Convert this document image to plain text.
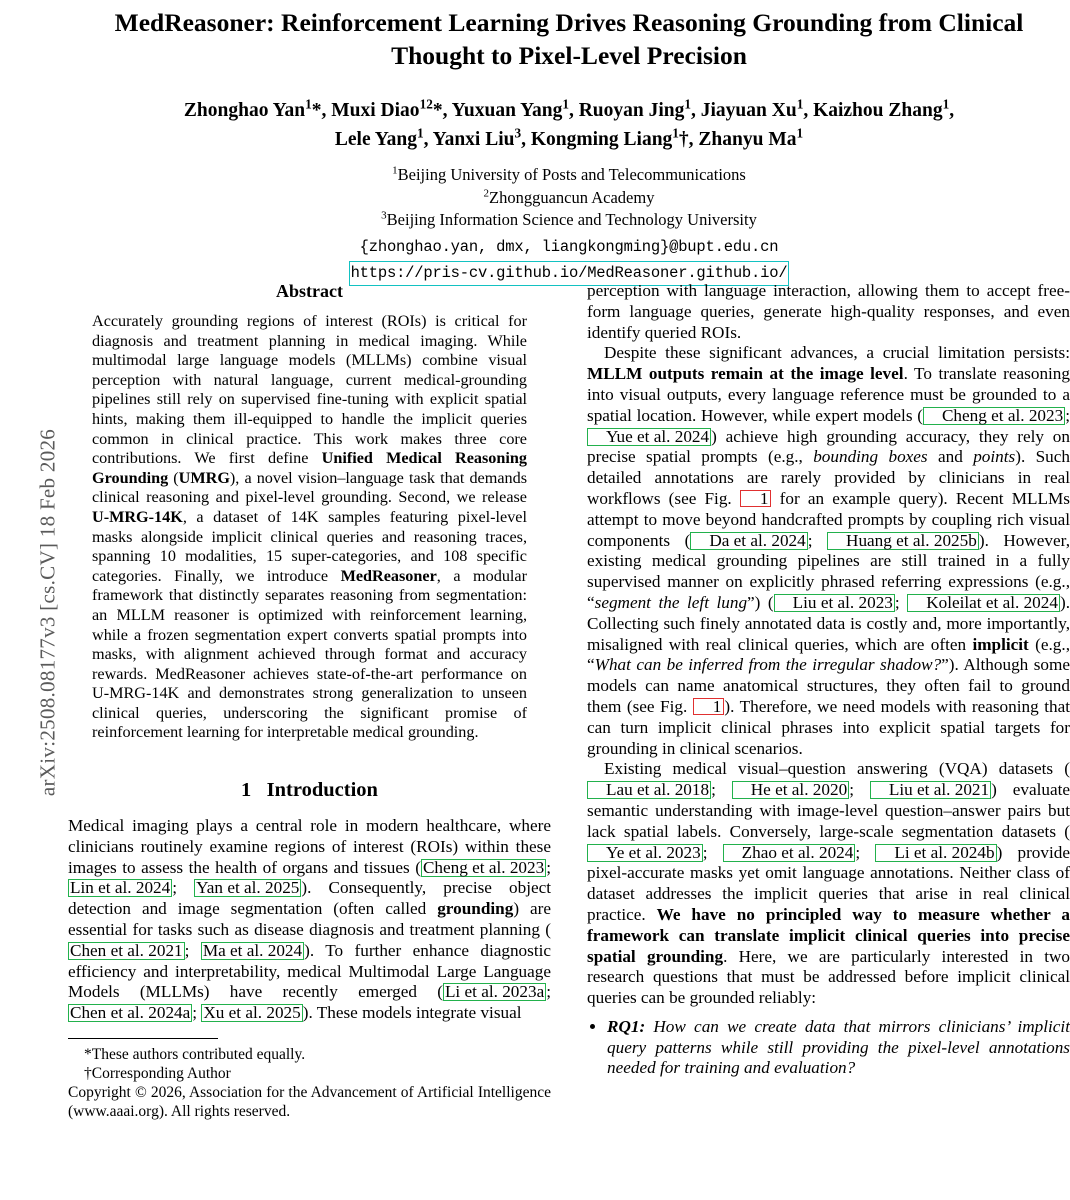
arXiv:2508.08177v3 [cs.CV] 18 Feb 2026
MedReasoner: Reinforcement Learning Drives Reasoning Grounding from Clinical Thought to Pixel-Level Precision
Zhonghao Yan$^1$*, Muxi Diao$^{12}$*, Yuxuan Yang$^1$, Ruoyan Jing$^1$, Jiayuan Xu$^1$, Kaizhou Zhang$^1$,
Lele Yang$^1$, Yanxi Liu$^3$, Kongming Liang$^1$†, Zhanyu Ma$^1$
$^1$Beijing University of Posts and Telecommunications
$^2$Zhongguancun Academy
$^3$Beijing Information Science and Technology University
{zhonghao.yan, dmx, liangkongming}@bupt.edu.cn
https://pris-cv.github.io/MedReasoner.github.io/
Abstract

Accurately grounding regions of interest (ROIs) is critical for diagnosis and treatment planning in medical imaging. While multimodal large language models (MLLMs) combine visual perception with natural language, current medical-grounding pipelines still rely on supervised fine-tuning with explicit spatial hints, making them ill-equipped to handle the implicit queries common in clinical practice. This work makes three core contributions. We first define Unified Medical Reasoning Grounding (UMRG), a novel vision–language task that demands clinical reasoning and pixel-level grounding. Second, we release U-MRG-14K, a dataset of 14K samples featuring pixel-level masks alongside implicit clinical queries and reasoning traces, spanning 10 modalities, 15 super-categories, and 108 specific categories. Finally, we introduce MedReasoner, a modular framework that distinctly separates reasoning from segmentation: an MLLM reasoner is optimized with reinforcement learning, while a frozen segmentation expert converts spatial prompts into masks, with alignment achieved through format and accuracy rewards. MedReasoner achieves state-of-the-art performance on U-MRG-14K and demonstrates strong generalization to unseen clinical queries, underscoring the significant promise of reinforcement learning for interpretable medical grounding.

1 Introduction

Medical imaging plays a central role in modern healthcare, where clinicians routinely examine regions of interest (ROIs) within these images to assess the health of organs and tissues ( Cheng et al. 2023 ; Lin et al. 2024 ; Yan et al. 2025 ). Consequently, precise object detection and image segmentation (often called grounding) are essential for tasks such as disease diagnosis and treatment planning (Chen et al. 2021 ; Ma et al. 2024 ). To further enhance diagnostic efficiency and interpretability, medical Multimodal Large Language Models (MLLMs) have recently emerged ( Li et al. 2023a ; Chen et al. 2024a ; Xu et al. 2025 ). These models integrate visual

*These authors contributed equally.
†Corresponding Author
Copyright © 2026, Association for the Advancement of Artificial Intelligence (www.aaai.org). All rights reserved.

perception with language interaction, allowing them to accept free-form language queries, generate high-quality responses, and even identify queried ROIs.

Despite these significant advances, a crucial limitation persists: MLLM outputs remain at the image level. To translate reasoning into visual outputs, every language reference must be grounded to a spatial location. However, while expert models ( Cheng et al. 2023 ; Yue et al. 2024 ) achieve high grounding accuracy, they rely on precise spatial prompts (e.g., bounding boxes and points). Such detailed annotations are rarely provided by clinicians in real workflows (see Fig. 1 for an example query). Recent MLLMs attempt to move beyond handcrafted prompts by coupling rich visual components ( Da et al. 2024 ; Huang et al. 2025b ). However, existing medical grounding pipelines are still trained in a fully supervised manner on explicitly phrased referring expressions (e.g., “segment the left lung”) ( Liu et al. 2023 ; Koleilat et al. 2024 ). Collecting such finely annotated data is costly and, more importantly, misaligned with real clinical queries, which are often implicit (e.g., “What can be inferred from the irregular shadow?”). Although some models can name anatomical structures, they often fail to ground them (see Fig. 1 ). Therefore, we need models with reasoning that can turn implicit clinical phrases into explicit spatial targets for grounding in clinical scenarios.

Existing medical visual–question answering (VQA) datasets (Lau et al. 2018 ; He et al. 2020 ; Liu et al. 2021 ) evaluate semantic understanding with image-level question–answer pairs but lack spatial labels. Conversely, large-scale segmentation datasets (Ye et al. 2023 ; Zhao et al. 2024 ; Li et al. 2024b ) provide pixel-accurate masks yet omit language annotations. Neither class of dataset addresses the implicit queries that arise in real clinical practice. We have no principled way to measure whether a framework can translate implicit clinical queries into precise spatial grounding. Here, we are particularly interested in two research questions that must be addressed before implicit clinical queries can be grounded reliably:

• RQ1: How can we create data that mirrors clinicians’ implicit query patterns while still providing the pixel-level annotations needed for training and evaluation?
